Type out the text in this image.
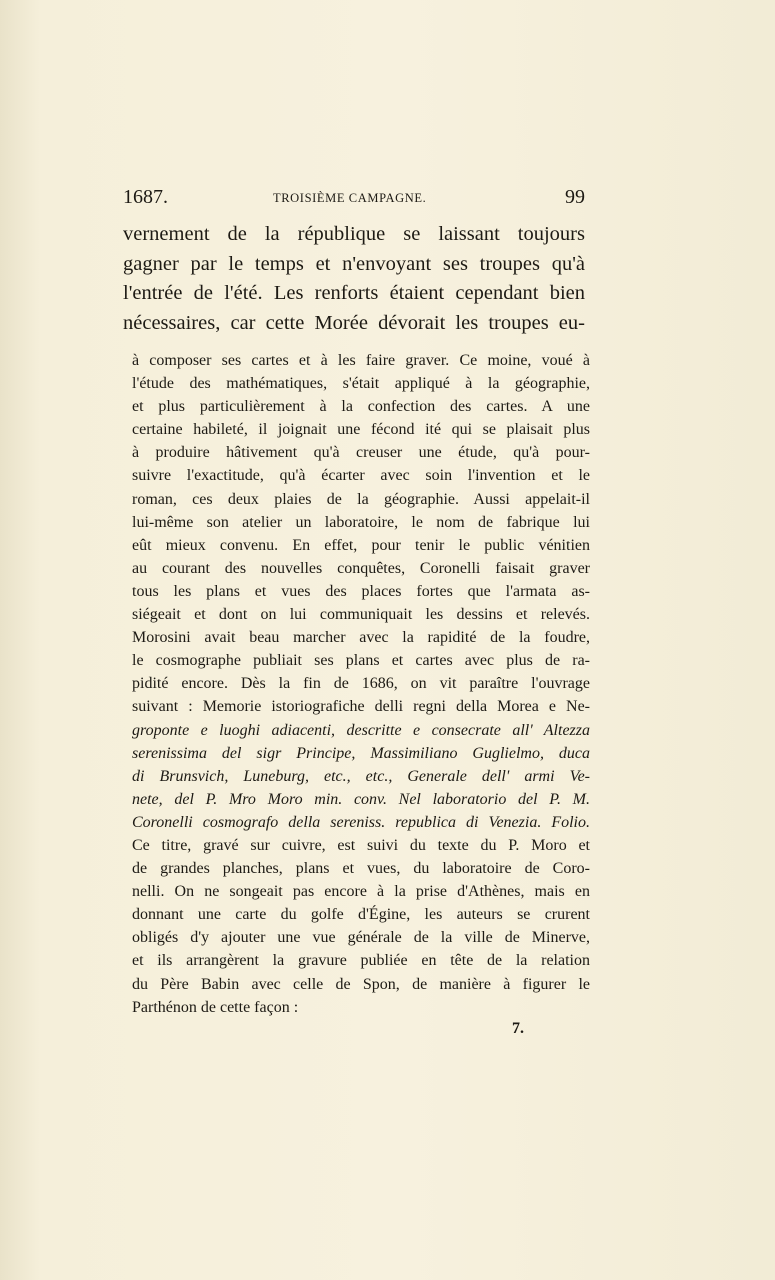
1687.	TROISIÈME CAMPAGNE.	99
vernement de la république se laissant toujours
gagner par le temps et n'envoyant ses troupes qu'à
l'entrée de l'été. Les renforts étaient cependant bien
nécessaires, car cette Morée dévorait les troupes eu-
à composer ses cartes et à les faire graver. Ce moine, voué à
l'étude des mathématiques, s'était appliqué à la géographie,
et plus particulièrement à la confection des cartes. A une
certaine habileté, il joignait une fécond ité qui se plaisait plus
à produire hâtivement qu'à creuser une étude, qu'à pour-
suivre l'exactitude, qu'à écarter avec soin l'invention et le
roman, ces deux plaies de la géographie. Aussi appelait-il
lui-même son atelier un laboratoire, le nom de fabrique lui
eût mieux convenu. En effet, pour tenir le public vénitien
au courant des nouvelles conquêtes, Coronelli faisait graver
tous les plans et vues des places fortes que l'armata as-
siégeait et dont on lui communiquait les dessins et relevés.
Morosini avait beau marcher avec la rapidité de la foudre,
le cosmographe publiait ses plans et cartes avec plus de ra-
pidité encore. Dès la fin de 1686, on vit paraître l'ouvrage
suivant : Memorie istoriografiche delli regni della Morea e Ne-
groponte e luoghi adiacenti, descritte e consecrate all' Altezza
serenissima del sigr Principe, Massimiliano Guglielmo, duca
di Brunsvich, Luneburg, etc., etc., Generale dell' armi Ve-
nete, del P. Mro Moro min. conv. Nel laboratorio del P. M.
Coronelli cosmografo della sereniss. republica di Venezia. Folio.
Ce titre, gravé sur cuivre, est suivi du texte du P. Moro et
de grandes planches, plans et vues, du laboratoire de Coro-
nelli. On ne songeait pas encore à la prise d'Athènes, mais en
donnant une carte du golfe d'Égine, les auteurs se crurent
obligés d'y ajouter une vue générale de la ville de Minerve,
et ils arrangèrent la gravure publiée en tête de la relation
du Père Babin avec celle de Spon, de manière à figurer le
Parthénon de cette façon :
7.
